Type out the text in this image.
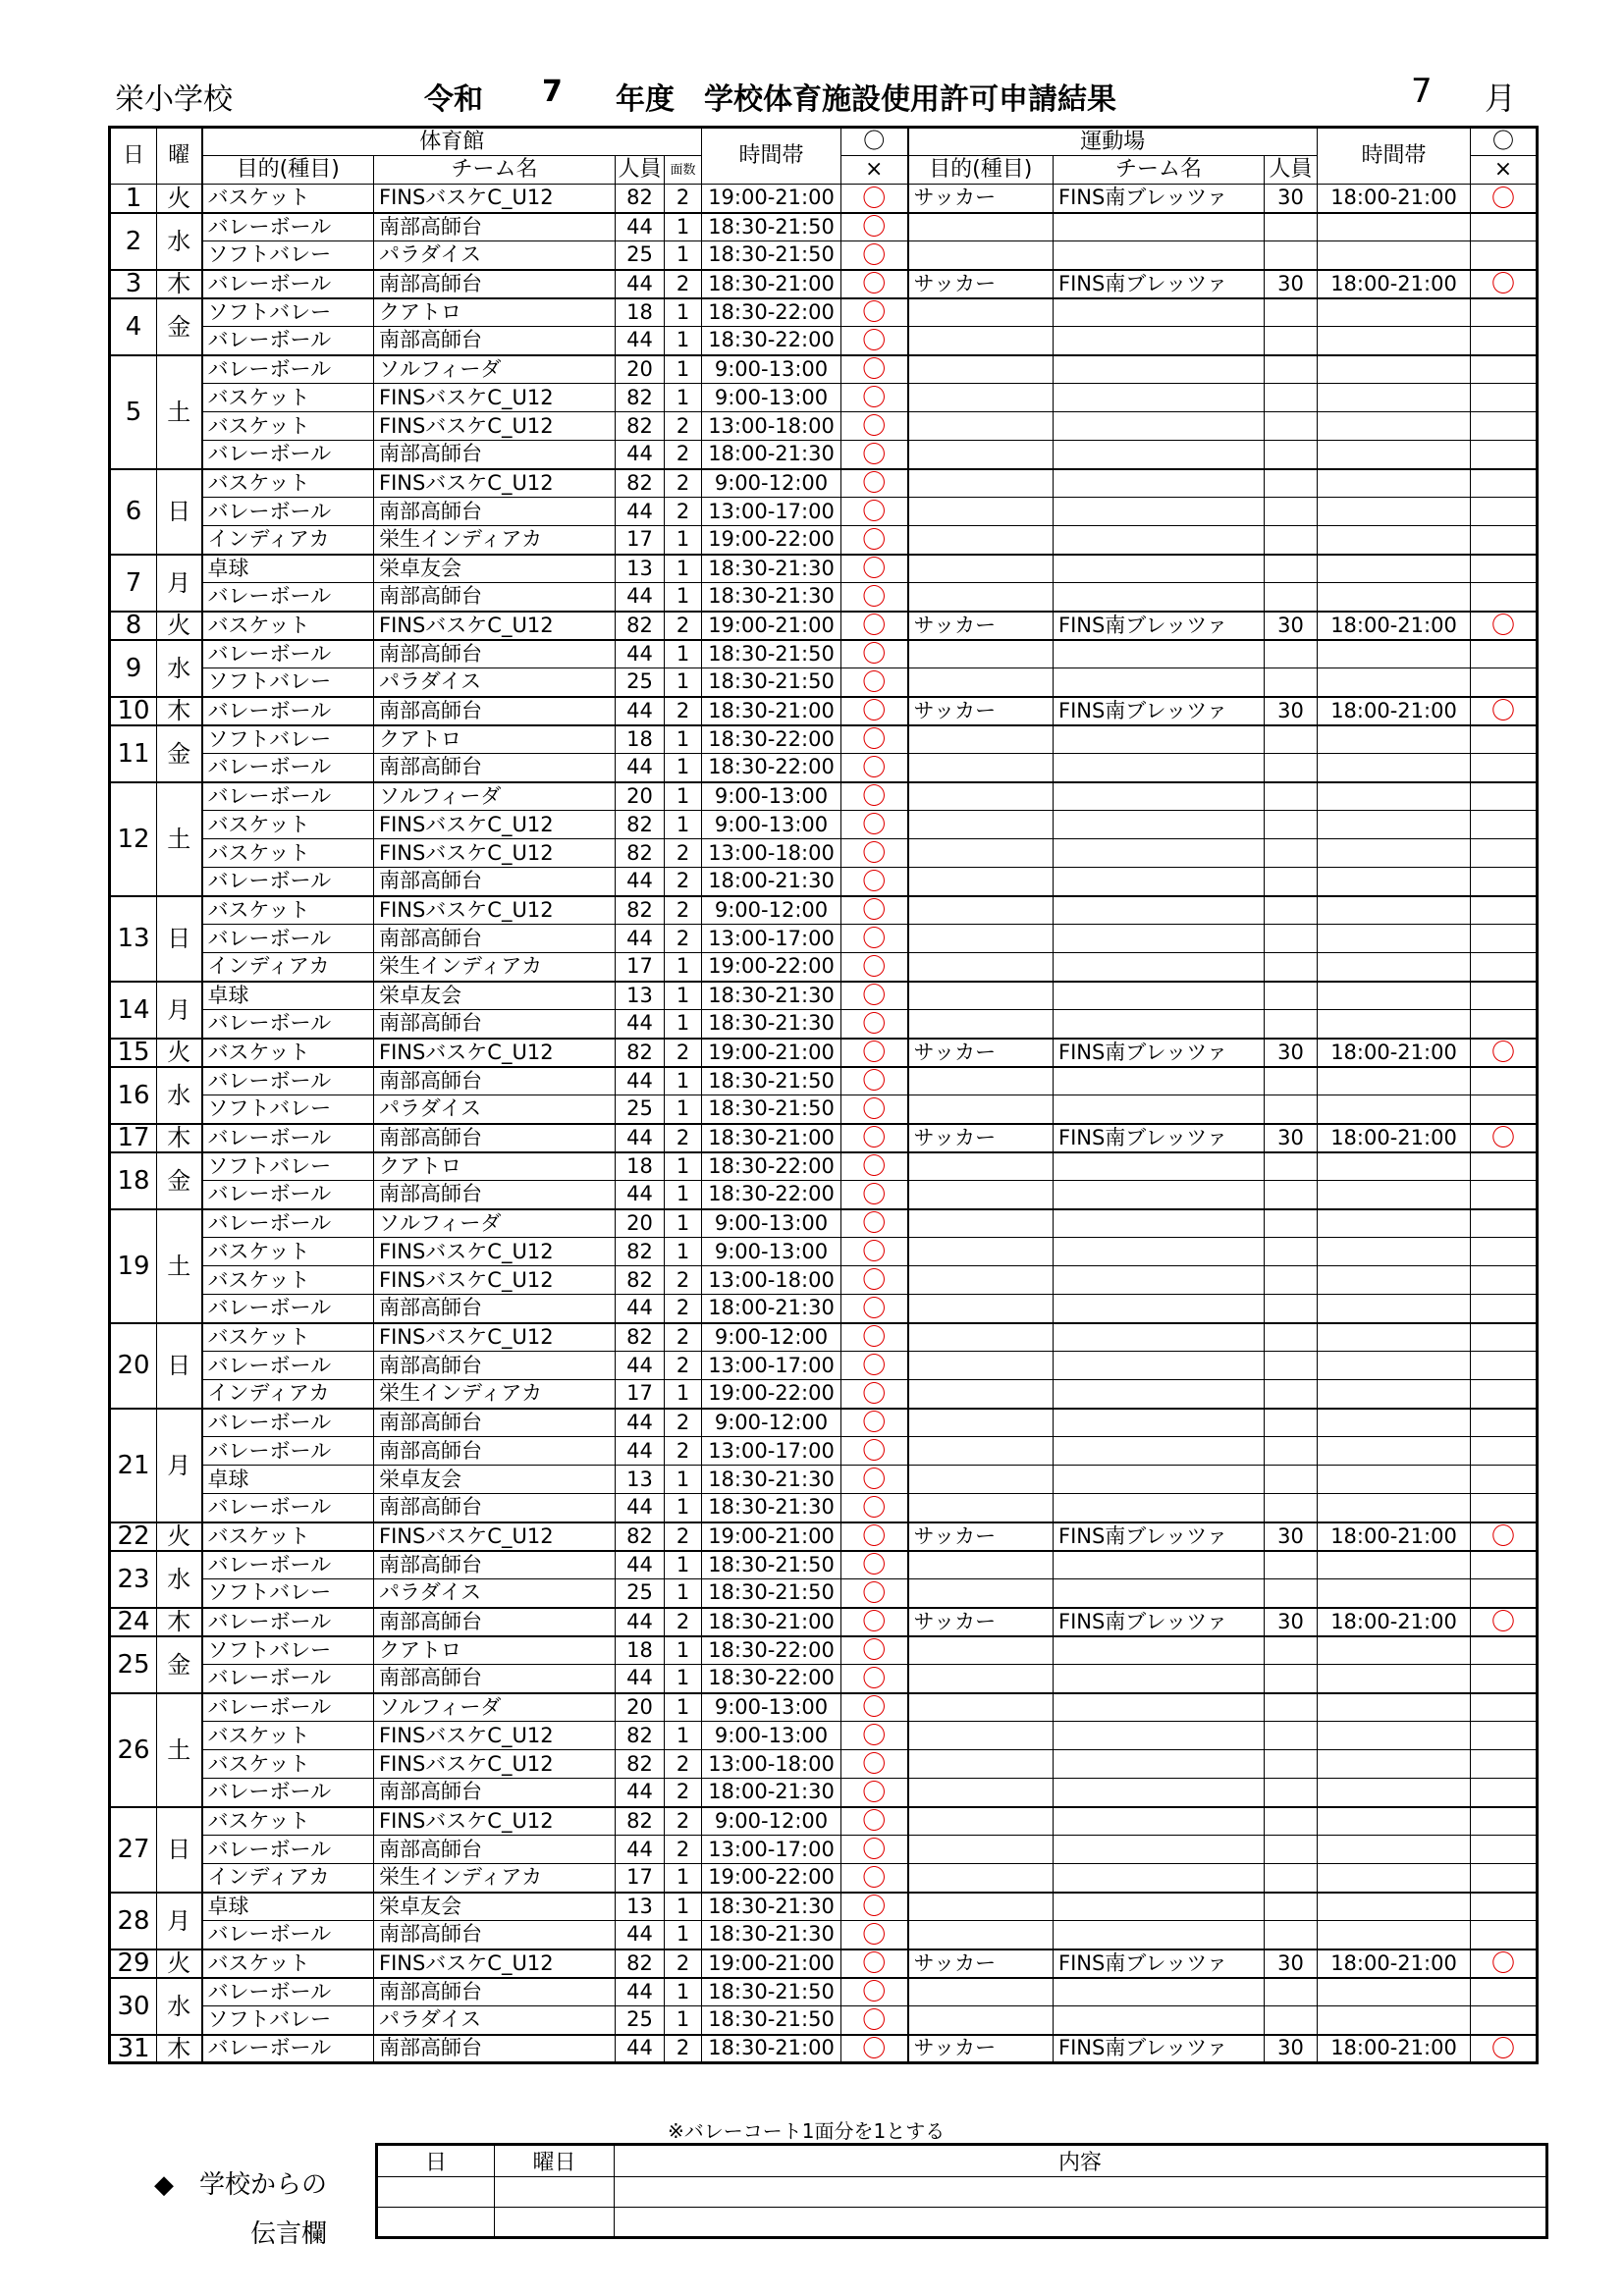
栄小学校	令和 7 年度 学校体育施設使用許可申請結果	7 月
日	曜	体育館				時間帯	〇	運動場			時間帯	〇
		目的(種目)	チーム名	人員	面数		×	目的(種目)	チーム名	人員		×
1	火	バスケット	FINSバスケC_U12	82	2	19:00-21:00	〇	サッカー	FINS南ブレッツァ	30	18:00-21:00	〇
2	水	バレーボール	南部高師台	44	1	18:30-21:50	〇					
		ソフトバレー	パラダイス	25	1	18:30-21:50	〇					
3	木	バレーボール	南部高師台	44	2	18:30-21:00	〇	サッカー	FINS南ブレッツァ	30	18:00-21:00	〇
4	金	ソフトバレー	クアトロ	18	1	18:30-22:00	〇					
		バレーボール	南部高師台	44	1	18:30-22:00	〇					
5	土	バレーボール	ソルフィーダ	20	1	9:00-13:00	〇					
		バスケット	FINSバスケC_U12	82	1	9:00-13:00	〇					
		バスケット	FINSバスケC_U12	82	2	13:00-18:00	〇					
		バレーボール	南部高師台	44	2	18:00-21:30	〇					
6	日	バスケット	FINSバスケC_U12	82	2	9:00-12:00	〇					
		バレーボール	南部高師台	44	2	13:00-17:00	〇					
		インディアカ	栄生インディアカ	17	1	19:00-22:00	〇					
7	月	卓球	栄卓友会	13	1	18:30-21:30	〇					
		バレーボール	南部高師台	44	1	18:30-21:30	〇					
8	火	バスケット	FINSバスケC_U12	82	2	19:00-21:00	〇	サッカー	FINS南ブレッツァ	30	18:00-21:00	〇
9	水	バレーボール	南部高師台	44	1	18:30-21:50	〇					
		ソフトバレー	パラダイス	25	1	18:30-21:50	〇					
10	木	バレーボール	南部高師台	44	2	18:30-21:00	〇	サッカー	FINS南ブレッツァ	30	18:00-21:00	〇
11	金	ソフトバレー	クアトロ	18	1	18:30-22:00	〇					
		バレーボール	南部高師台	44	1	18:30-22:00	〇					
12	土	バレーボール	ソルフィーダ	20	1	9:00-13:00	〇					
		バスケット	FINSバスケC_U12	82	1	9:00-13:00	〇					
		バスケット	FINSバスケC_U12	82	2	13:00-18:00	〇					
		バレーボール	南部高師台	44	2	18:00-21:30	〇					
13	日	バスケット	FINSバスケC_U12	82	2	9:00-12:00	〇					
		バレーボール	南部高師台	44	2	13:00-17:00	〇					
		インディアカ	栄生インディアカ	17	1	19:00-22:00	〇					
14	月	卓球	栄卓友会	13	1	18:30-21:30	〇					
		バレーボール	南部高師台	44	1	18:30-21:30	〇					
15	火	バスケット	FINSバスケC_U12	82	2	19:00-21:00	〇	サッカー	FINS南ブレッツァ	30	18:00-21:00	〇
16	水	バレーボール	南部高師台	44	1	18:30-21:50	〇					
		ソフトバレー	パラダイス	25	1	18:30-21:50	〇					
17	木	バレーボール	南部高師台	44	2	18:30-21:00	〇	サッカー	FINS南ブレッツァ	30	18:00-21:00	〇
18	金	ソフトバレー	クアトロ	18	1	18:30-22:00	〇					
		バレーボール	南部高師台	44	1	18:30-22:00	〇					
19	土	バレーボール	ソルフィーダ	20	1	9:00-13:00	〇					
		バスケット	FINSバスケC_U12	82	1	9:00-13:00	〇					
		バスケット	FINSバスケC_U12	82	2	13:00-18:00	〇					
		バレーボール	南部高師台	44	2	18:00-21:30	〇					
20	日	バスケット	FINSバスケC_U12	82	2	9:00-12:00	〇					
		バレーボール	南部高師台	44	2	13:00-17:00	〇					
		インディアカ	栄生インディアカ	17	1	19:00-22:00	〇					
21	月	バレーボール	南部高師台	44	2	9:00-12:00	〇					
		バレーボール	南部高師台	44	2	13:00-17:00	〇					
		卓球	栄卓友会	13	1	18:30-21:30	〇					
		バレーボール	南部高師台	44	1	18:30-21:30	〇					
22	火	バスケット	FINSバスケC_U12	82	2	19:00-21:00	〇	サッカー	FINS南ブレッツァ	30	18:00-21:00	〇
23	水	バレーボール	南部高師台	44	1	18:30-21:50	〇					
		ソフトバレー	パラダイス	25	1	18:30-21:50	〇					
24	木	バレーボール	南部高師台	44	2	18:30-21:00	〇	サッカー	FINS南ブレッツァ	30	18:00-21:00	〇
25	金	ソフトバレー	クアトロ	18	1	18:30-22:00	〇					
		バレーボール	南部高師台	44	1	18:30-22:00	〇					
26	土	バレーボール	ソルフィーダ	20	1	9:00-13:00	〇					
		バスケット	FINSバスケC_U12	82	1	9:00-13:00	〇					
		バスケット	FINSバスケC_U12	82	2	13:00-18:00	〇					
		バレーボール	南部高師台	44	2	18:00-21:30	〇					
27	日	バスケット	FINSバスケC_U12	82	2	9:00-12:00	〇					
		バレーボール	南部高師台	44	2	13:00-17:00	〇					
		インディアカ	栄生インディアカ	17	1	19:00-22:00	〇					
28	月	卓球	栄卓友会	13	1	18:30-21:30	〇					
		バレーボール	南部高師台	44	1	18:30-21:30	〇					
29	火	バスケット	FINSバスケC_U12	82	2	19:00-21:00	〇	サッカー	FINS南ブレッツァ	30	18:00-21:00	〇
30	水	バレーボール	南部高師台	44	1	18:30-21:50	〇					
		ソフトバレー	パラダイス	25	1	18:30-21:50	〇					
31	木	バレーボール	南部高師台	44	2	18:30-21:00	〇	サッカー	FINS南ブレッツァ	30	18:00-21:00	〇
※バレーコート1面分を1とする
◆　学校からの
伝言欄
日	曜日	内容
